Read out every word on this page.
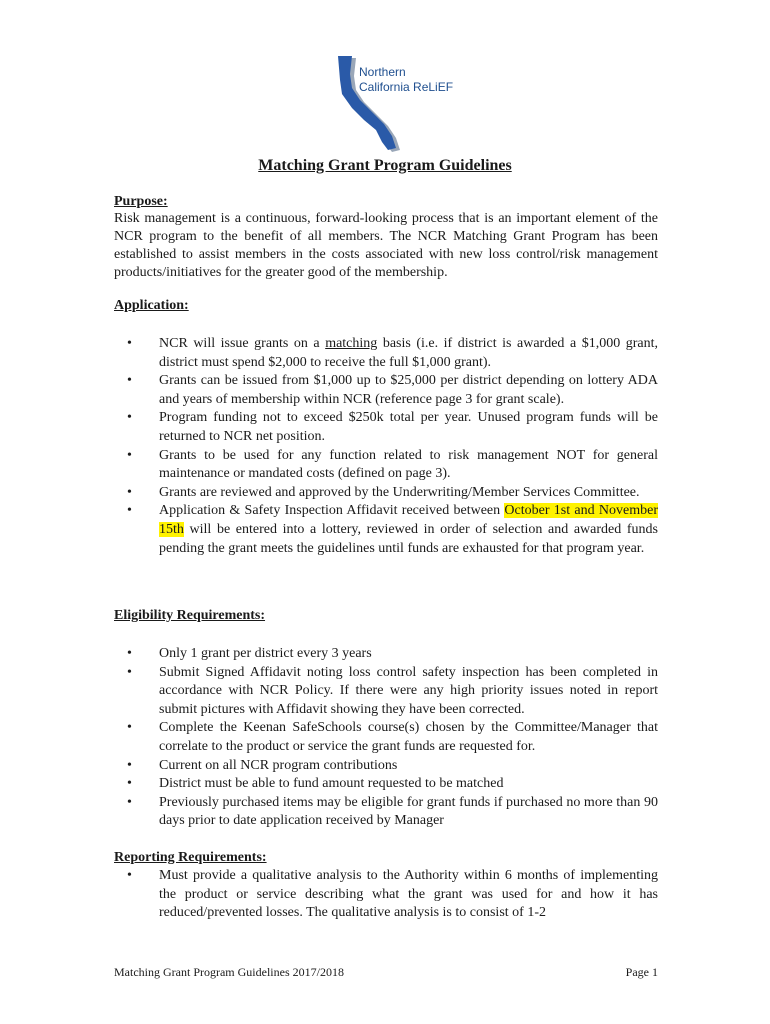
Northern
California ReLiEF
Matching Grant Program Guidelines
Purpose:

Risk management is a continuous, forward-looking process that is an important element of the NCR program to the benefit of all members. The NCR Matching Grant Program has been established to assist members in the costs associated with new loss control/risk management products/initiatives for the greater good of the membership.

Application:
• NCR will issue grants on a matching basis (i.e. if district is awarded a $1,000 grant, district must spend $2,000 to receive the full $1,000 grant).
• Grants can be issued from $1,000 up to $25,000 per district depending on lottery ADA and years of membership within NCR (reference page 3 for grant scale).
• Program funding not to exceed $250k total per year. Unused program funds will be returned to NCR net position.
• Grants to be used for any function related to risk management NOT for general maintenance or mandated costs (defined on page 3).
• Grants are reviewed and approved by the Underwriting/Member Services Committee.
• Application & Safety Inspection Affidavit received between October 1st and November 15th will be entered into a lottery, reviewed in order of selection and awarded funds pending the grant meets the guidelines until funds are exhausted for that program year.
Eligibility Requirements:
• Only 1 grant per district every 3 years
• Submit Signed Affidavit noting loss control safety inspection has been completed in accordance with NCR Policy. If there were any high priority issues noted in report submit pictures with Affidavit showing they have been corrected.
• Complete the Keenan SafeSchools course(s) chosen by the Committee/Manager that correlate to the product or service the grant funds are requested for.
• Current on all NCR program contributions
• District must be able to fund amount requested to be matched
• Previously purchased items may be eligible for grant funds if purchased no more than 90 days prior to date application received by Manager
Reporting Requirements:
• Must provide a qualitative analysis to the Authority within 6 months of implementing the product or service describing what the grant was used for and how it has reduced/prevented losses. The qualitative analysis is to consist of 1-2
Matching Grant Program Guidelines 2017/2018	Page 1
